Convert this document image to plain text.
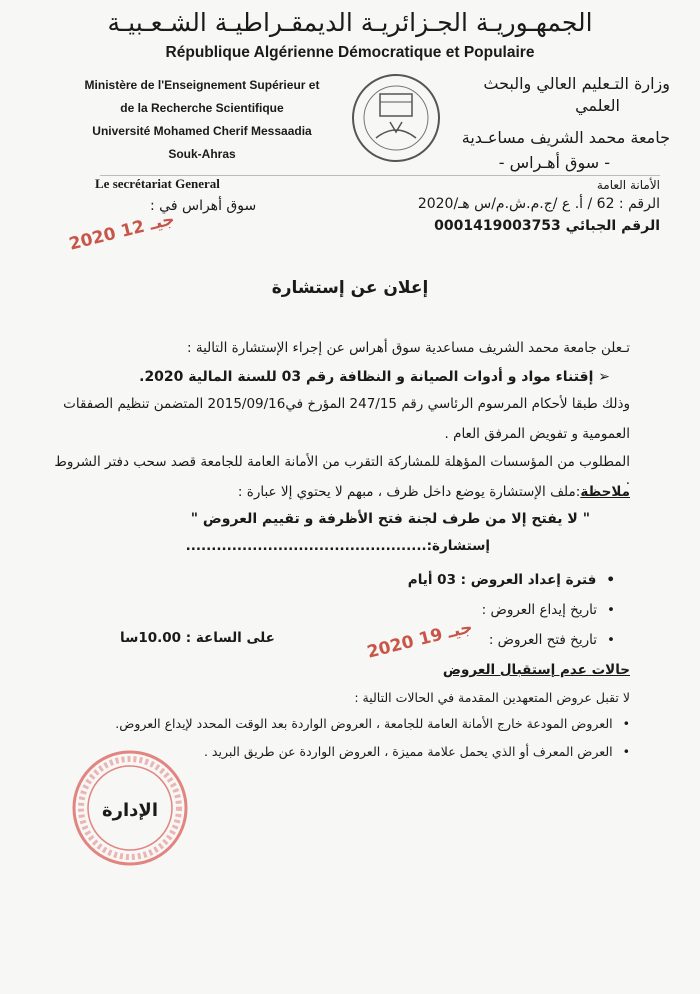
الجمهـوريـة الجـزائريـة الديمقـراطيـة الشـعـبيـة
République Algérienne Démocratique et Populaire
Ministère de l'Enseignement Supérieur et
de la Recherche Scientifique
Université Mohamed Cherif Messaadia
Souk-Ahras
وزارة التـعليم العالي والبحث
العلمي
جامعة محمد الشريف مساعـدية
- سوق أهـراس -
Le secrétariat General	الأمانة العامة
الرقم : 62 / أ. ع /ج.م.ش.م/س هـ/2020
الرقم الجبائي 0001419003753
سوق أهراس في :
2020 جيـ 12
إعلان عن إستشارة
تـعلن جامعة محمد الشريف مساعدية سوق أهراس عن إجراء الإستشارة التالية :
➢ إقتناء مواد و أدوات الصيانة و النظافة رقم 03 للسنة المالية 2020.
وذلك طبقا لأحكام المرسوم الرئاسي رقم 247/15 المؤرخ في2015/09/16 المتضمن تنظيم الصفقات
العمومية و تفويض المرفق العام .
المطلوب من المؤسسات المؤهلة للمشاركة التقرب من الأمانة العامة للجامعة قصد سحب دفتر الشروط .
ملاحظة:ملف الإستشارة يوضع داخل ظرف ، مبهم لا يحتوي إلا عبارة :
" لا يفتح إلا من طرف لجنة فتح الأظرفة و تقييم العروض "
إستشارة:...............................................
• فترة إعداد العروض : 03 أيام
• تاريخ إيداع العروض :
• تاريخ فتح العروض :
2020 جيـ 19
على الساعة : 10.00سا
حالات عدم إستقبال العروض
لا تقبل عروض المتعهدين المقدمة في الحالات التالية :
• العروض المودعة خارج الأمانة العامة للجامعة ، العروض الواردة بعد الوقت المحدد لإيداع العروض.
• العرض المعرف أو الذي يحمل علامة مميزة ، العروض الواردة عن طريق البريد .
الإدارة
